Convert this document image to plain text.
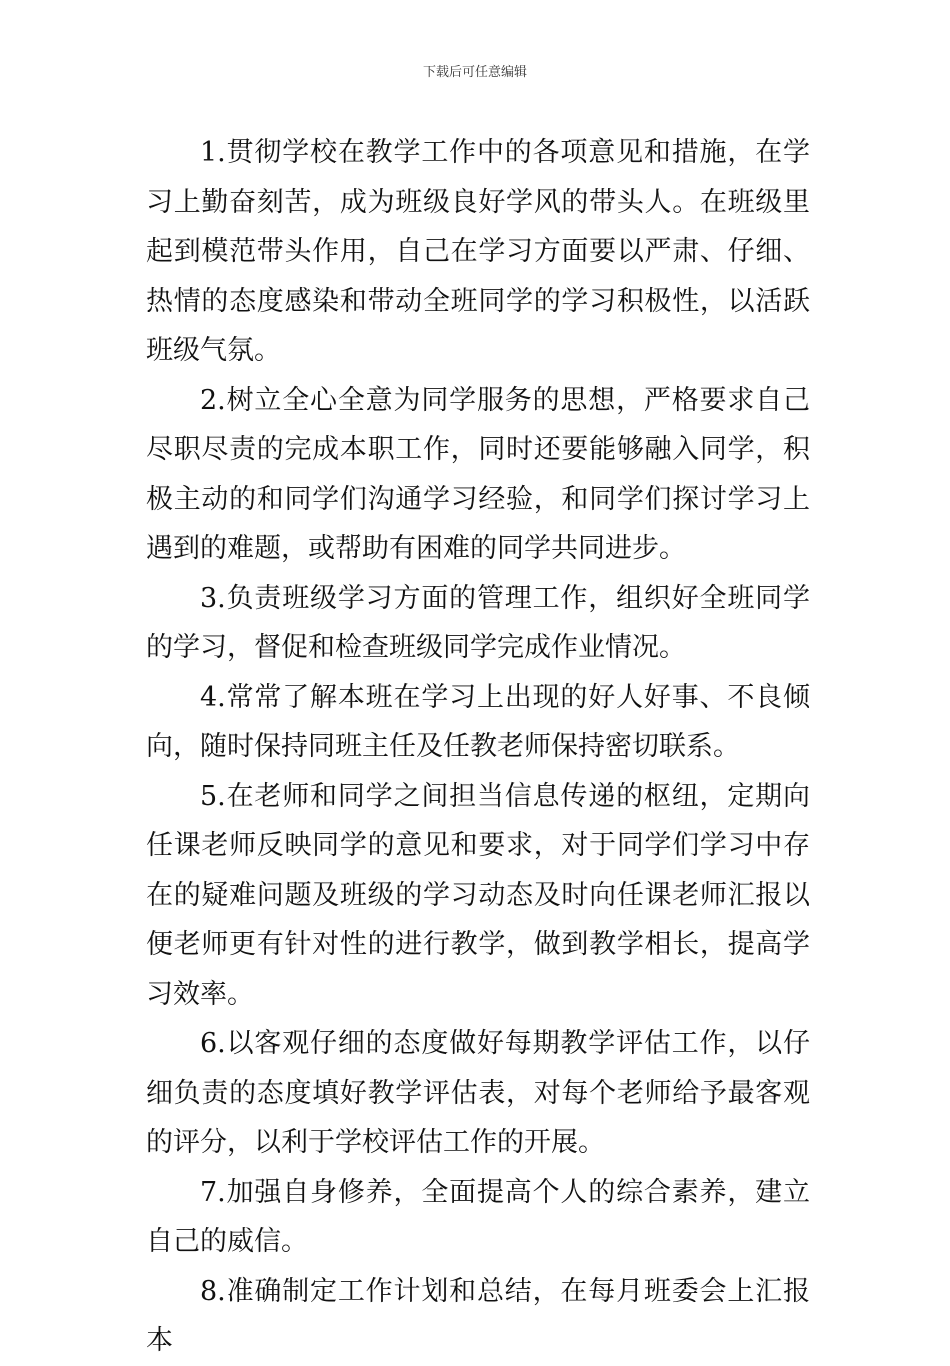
下载后可任意编辑

1.贯彻学校在教学工作中的各项意见和措施，在学习上勤奋刻苦，成为班级良好学风的带头人。在班级里起到模范带头作用，自己在学习方面要以严肃、仔细、热情的态度感染和带动全班同学的学习积极性，以活跃班级气氛。

2.树立全心全意为同学服务的思想，严格要求自己尽职尽责的完成本职工作，同时还要能够融入同学，积极主动的和同学们沟通学习经验，和同学们探讨学习上遇到的难题，或帮助有困难的同学共同进步。

3.负责班级学习方面的管理工作，组织好全班同学的学习，督促和检查班级同学完成作业情况。

4.常常了解本班在学习上出现的好人好事、不良倾向，随时保持同班主任及任教老师保持密切联系。

5.在老师和同学之间担当信息传递的枢纽，定期向任课老师反映同学的意见和要求，对于同学们学习中存在的疑难问题及班级的学习动态及时向任课老师汇报以便老师更有针对性的进行教学，做到教学相长，提高学习效率。

6.以客观仔细的态度做好每期教学评估工作，以仔细负责的态度填好教学评估表，对每个老师给予最客观的评分，以利于学校评估工作的开展。

7.加强自身修养，全面提高个人的综合素养，建立自己的威信。

8.准确制定工作计划和总结，在每月班委会上汇报本
